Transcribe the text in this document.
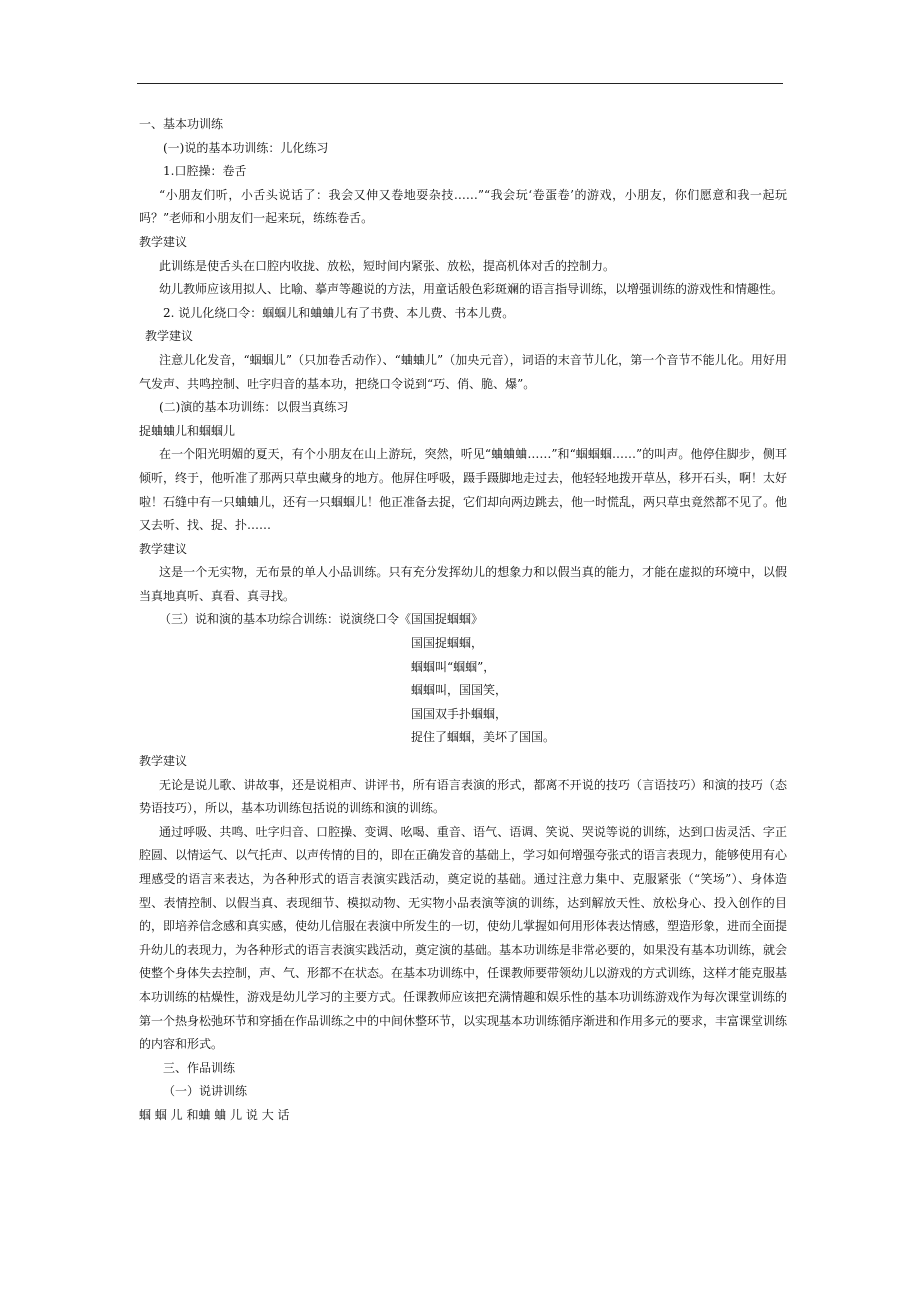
一、基本功训练
(一)说的基本功训练：儿化练习
1.口腔操：卷舌
“小朋友们听，小舌头说话了：我会又伸又卷地耍杂技……”“我会玩‘卷蛋卷’的游戏，小朋友，你们愿意和我一起玩吗？”老师和小朋友们一起来玩，练练卷舌。
教学建议
此训练是使舌头在口腔内收拢、放松，短时间内紧张、放松，提高机体对舌的控制力。
幼儿教师应该用拟人、比喻、摹声等趣说的方法，用童话般色彩斑斓的语言指导训练，以增强训练的游戏性和情趣性。
2. 说儿化绕口令：蝈蝈儿和蛐蛐儿有了书费、本儿费、书本儿费。
教学建议
注意儿化发音，“蝈蝈儿”（只加卷舌动作）、“蛐蛐儿”（加央元音），词语的末音节儿化，第一个音节不能儿化。用好用气发声、共鸣控制、吐字归音的基本功，把绕口令说到“巧、俏、脆、爆”。
(二)演的基本功训练：以假当真练习
捉蛐蛐儿和蝈蝈儿
在一个阳光明媚的夏天，有个小朋友在山上游玩，突然，听见“蛐蛐蛐……”和“蝈蝈蝈……”的叫声。他停住脚步，侧耳倾听，终于，他听准了那两只草虫藏身的地方。他屏住呼吸，蹑手蹑脚地走过去，他轻轻地拨开草丛，移开石头，啊！太好啦！石缝中有一只蛐蛐儿，还有一只蝈蝈儿！他正准备去捉，它们却向两边跳去，他一时慌乱，两只草虫竟然都不见了。他又去听、找、捉、扑……
教学建议
这是一个无实物，无布景的单人小品训练。只有充分发挥幼儿的想象力和以假当真的能力，才能在虚拟的环境中，以假当真地真听、真看、真寻找。
（三）说和演的基本功综合训练：说演绕口令《国国捉蝈蝈》
国国捉蝈蝈，
蝈蝈叫“蝈蝈”，
蝈蝈叫，国国笑，
国国双手扑蝈蝈，
捉住了蝈蝈，美坏了国国。
教学建议
无论是说儿歌、讲故事，还是说相声、讲评书，所有语言表演的形式，都离不开说的技巧（言语技巧）和演的技巧（态势语技巧），所以，基本功训练包括说的训练和演的训练。
通过呼吸、共鸣、吐字归音、口腔操、变调、吆喝、重音、语气、语调、笑说、哭说等说的训练，达到口齿灵活、字正腔圆、以情运气、以气托声、以声传情的目的，即在正确发音的基础上，学习如何增强夸张式的语言表现力，能够使用有心理感受的语言来表达，为各种形式的语言表演实践活动，奠定说的基础。通过注意力集中、克服紧张（“笑场”）、身体造型、表情控制、以假当真、表现细节、模拟动物、无实物小品表演等演的训练，达到解放天性、放松身心、投入创作的目的，即培养信念感和真实感，使幼儿信服在表演中所发生的一切，使幼儿掌握如何用形体表达情感，塑造形象，进而全面提升幼儿的表现力，为各种形式的语言表演实践活动，奠定演的基础。基本功训练是非常必要的，如果没有基本功训练，就会使整个身体失去控制，声、气、形都不在状态。在基本功训练中，任课教师要带领幼儿以游戏的方式训练，这样才能克服基本功训练的枯燥性，游戏是幼儿学习的主要方式。任课教师应该把充满情趣和娱乐性的基本功训练游戏作为每次课堂训练的第一个热身松弛环节和穿插在作品训练之中的中间休整环节，以实现基本功训练循序渐进和作用多元的要求，丰富课堂训练的内容和形式。
三、作品训练
（一）说讲训练
蝈 蝈 儿 和蛐 蛐 儿 说 大 话
